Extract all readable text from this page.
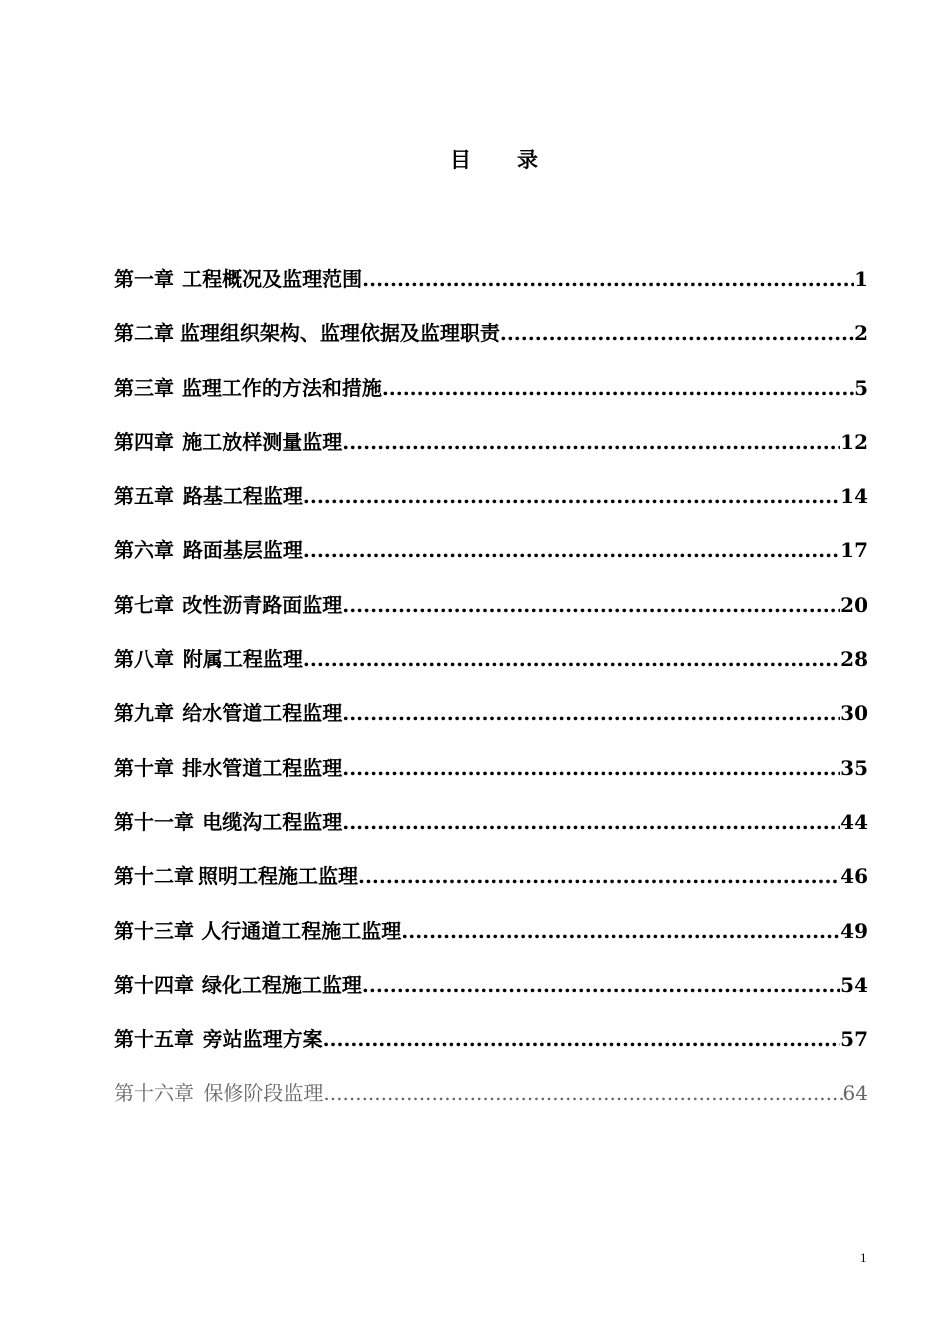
目 录
第一章 工程概况及监理范围 .....	1
第二章 监理组织架构、监理依据及监理职责 .....	2
第三章 监理工作的方法和措施 .....	5
第四章 施工放样测量监理 .....	12
第五章 路基工程监理 .....	14
第六章 路面基层监理 .....	17
第七章 改性沥青路面监理 .....	20
第八章 附属工程监理 .....	28
第九章 给水管道工程监理 .....	30
第十章 排水管道工程监理 .....	35
第十一章 电缆沟工程监理 .....	44
第十二章 照明工程施工监理 .....	46
第十三章 人行通道工程施工监理 .....	49
第十四章 绿化工程施工监理 .....	54
第十五章 旁站监理方案 .....	57
第十六章 保修阶段监理 .....	64
1
